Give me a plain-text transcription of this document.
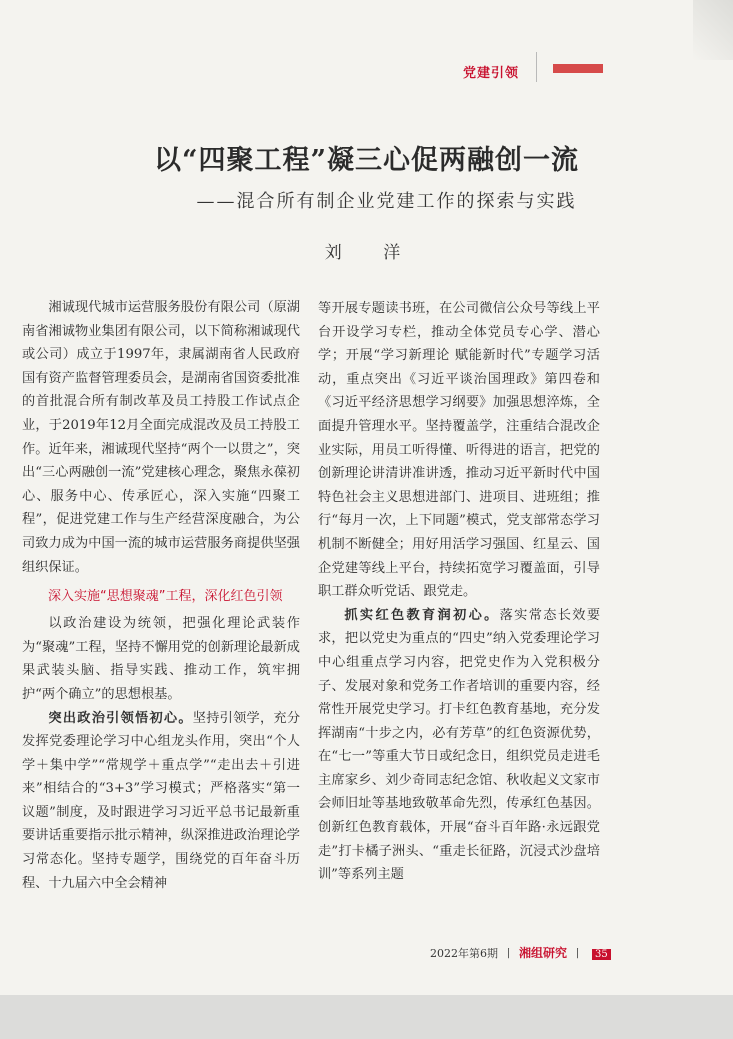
党建引领
以“四聚工程”凝三心促两融创一流
——混合所有制企业党建工作的探索与实践
刘 洋

湘诚现代城市运营服务股份有限公司（原湖南省湘诚物业集团有限公司，以下简称湘诚现代或公司）成立于1997年，隶属湖南省人民政府国有资产监督管理委员会，是湖南省国资委批准的首批混合所有制改革及员工持股工作试点企业，于2019年12月全面完成混改及员工持股工作。近年来，湘诚现代坚持“两个一以贯之”，突出“三心两融创一流”党建核心理念，聚焦永葆初心、服务中心、传承匠心，深入实施“四聚工程”，促进党建工作与生产经营深度融合，为公司致力成为中国一流的城市运营服务商提供坚强组织保证。

深入实施“思想聚魂”工程，深化红色引领

以政治建设为统领，把强化理论武装作为“聚魂”工程，坚持不懈用党的创新理论最新成果武装头脑、指导实践、推动工作，筑牢拥护“两个确立”的思想根基。

突出政治引领悟初心。坚持引领学，充分发挥党委理论学习中心组龙头作用，突出“个人学＋集中学”“常规学＋重点学”“走出去＋引进来”相结合的“3+3”学习模式；严格落实“第一议题”制度，及时跟进学习习近平总书记最新重要讲话重要指示批示精神，纵深推进政治理论学习常态化。坚持专题学，围绕党的百年奋斗历程、十九届六中全会精神

等开展专题读书班，在公司微信公众号等线上平台开设学习专栏，推动全体党员专心学、潜心学；开展“学习新理论 赋能新时代”专题学习活动，重点突出《习近平谈治国理政》第四卷和《习近平经济思想学习纲要》加强思想淬炼，全面提升管理水平。坚持覆盖学，注重结合混改企业实际，用员工听得懂、听得进的语言，把党的创新理论讲清讲准讲透，推动习近平新时代中国特色社会主义思想进部门、进项目、进班组；推行“每月一次，上下同题”模式，党支部常态学习机制不断健全；用好用活学习强国、红星云、国企党建等线上平台，持续拓宽学习覆盖面，引导职工群众听党话、跟党走。

抓实红色教育润初心。落实常态长效要求，把以党史为重点的“四史”纳入党委理论学习中心组重点学习内容，把党史作为入党积极分子、发展对象和党务工作者培训的重要内容，经常性开展党史学习。打卡红色教育基地，充分发挥湖南“十步之内，必有芳草”的红色资源优势，在“七一”等重大节日或纪念日，组织党员走进毛主席家乡、刘少奇同志纪念馆、秋收起义文家市会师旧址等基地致敬革命先烈，传承红色基因。创新红色教育载体，开展“奋斗百年路·永远跟党走”打卡橘子洲头、“重走长征路，沉浸式沙盘培训”等系列主题

2022年第6期 丨 湘组研究 丨 35
